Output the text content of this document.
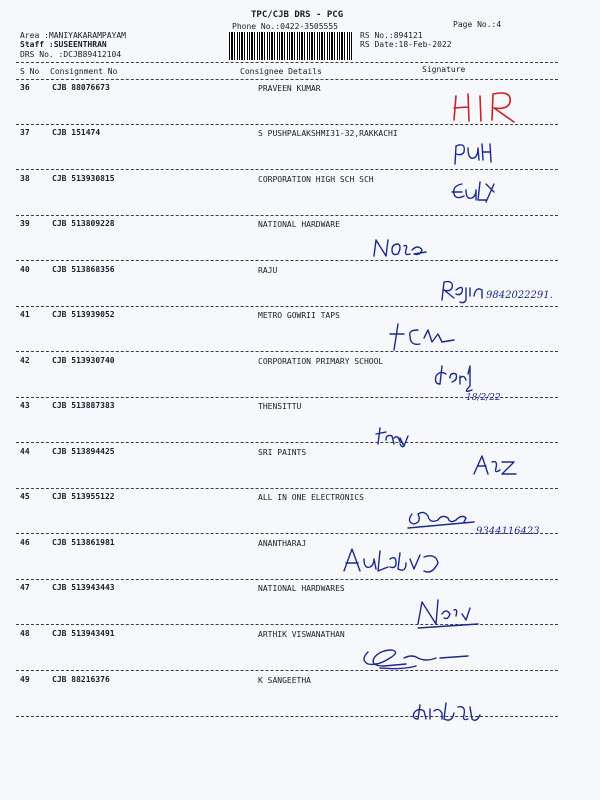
TPC/CJB DRS - PCG
Phone No.:0422-3505555	Page No.:4
Area :MANIYAKARAMPAYAM
Staff :SUSEENTHRAN
DRS No. :DCJB89412104
RS No.:894121
RS Date:18-Feb-2022
S No Consignment No	Consignee Details	Signature
36	CJB 88076673	PRAVEEN KUMAR
37	CJB 151474	S PUSHPALAKSHMI31-32,RAKKACHI
38	CJB 513930815	CORPORATION HIGH SCH SCH
39	CJB 513809228	NATIONAL HARDWARE
40	CJB 513868356	RAJU
41	CJB 513939052	METRO GOWRII TAPS
42	CJB 513930740	CORPORATION PRIMARY SCHOOL
43	CJB 513887383	THENSITTU
44	CJB 513894425	SRI PAINTS
45	CJB 513955122	ALL IN ONE ELECTRONICS
46	CJB 513861981	ANANTHARAJ
47	CJB 513943443	NATIONAL HARDWARES
48	CJB 513943491	ARTHIK VISWANATHAN
49	CJB 88216376	K SANGEETHA
9842022291.
18/2/22
9344116423
